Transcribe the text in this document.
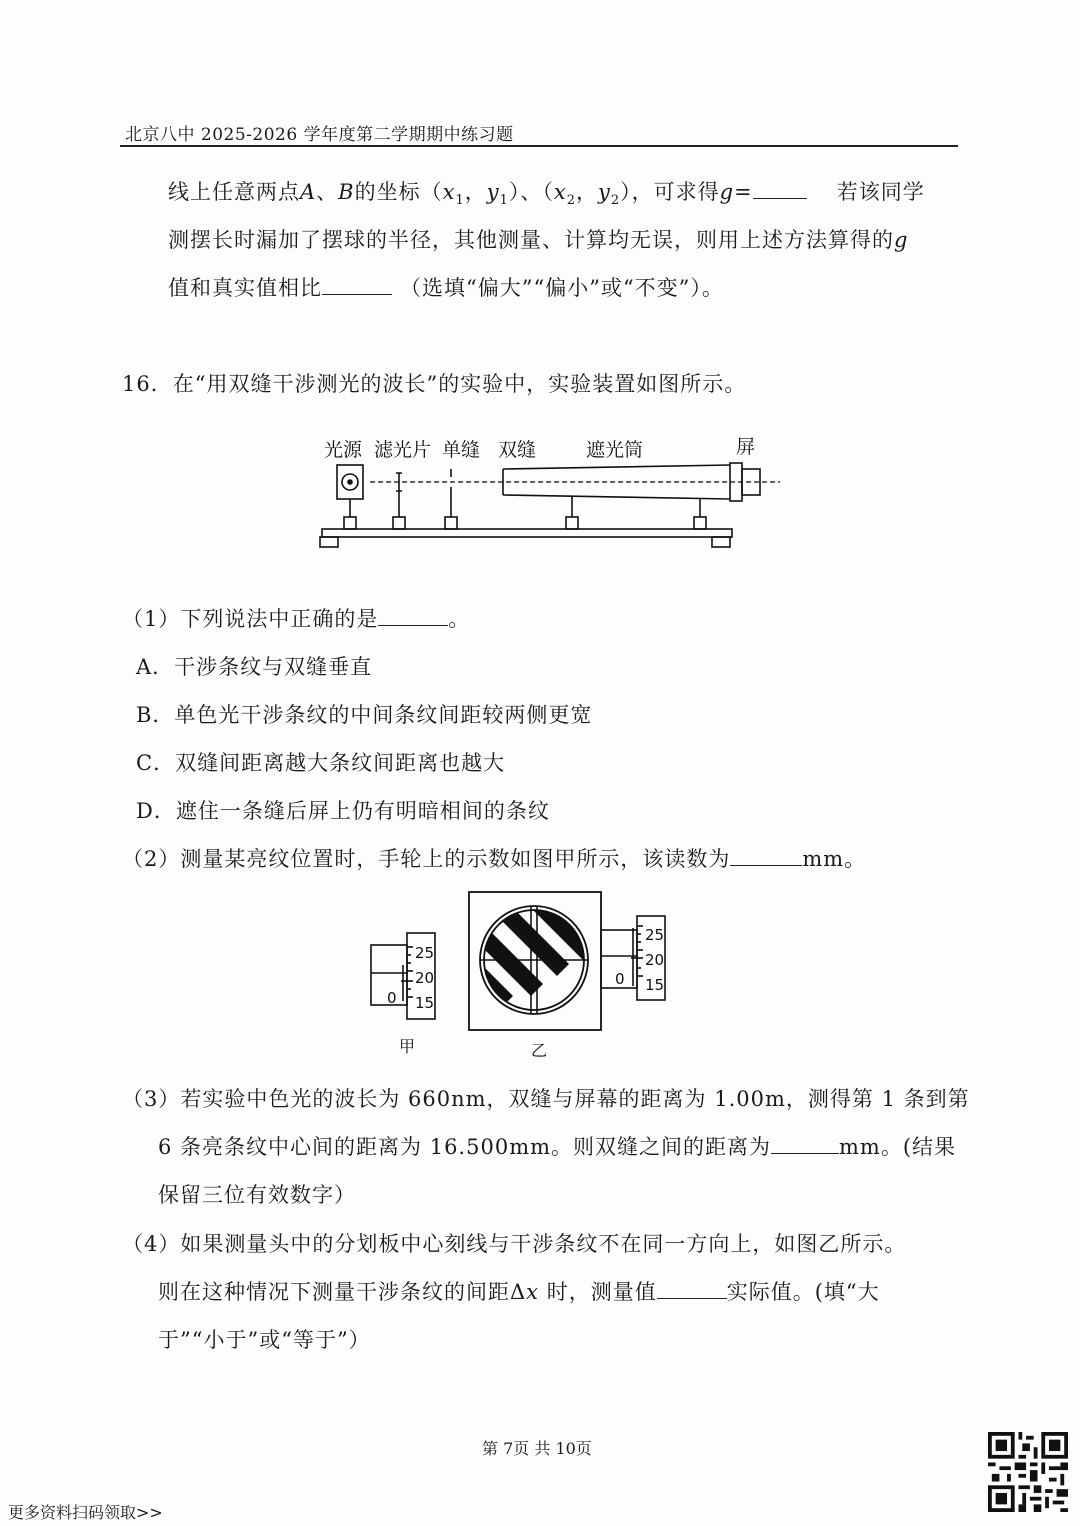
北京八中 2025-2026 学年度第二学期期中练习题
线上任意两点A、B的坐标（$x_1$，$y_1$）、（$x_2$，$y_2$），可求得g=	若该同学
测摆长时漏加了摆球的半径，其他测量、计算均无误，则用上述方法算得的g
值和真实值相比	（选填“偏大”“偏小”或“不变”）。
16．在“用双缝干涉测光的波长”的实验中，实验装置如图所示。
光源 滤光片 单缝 双缝	遮光筒	屏
（1）下列说法中正确的是	。
A．干涉条纹与双缝垂直
B．单色光干涉条纹的中间条纹间距较两侧更宽
C．双缝间距离越大条纹间距离也越大
D．遮住一条缝后屏上仍有明暗相间的条纹
（2）测量某亮纹位置时，手轮上的示数如图甲所示，该读数为	mm。
25
20
15
0
甲
25
20
15
0
乙
（3）若实验中色光的波长为 660nm，双缝与屏幕的距离为 1.00m，测得第 1 条到第
6 条亮条纹中心间的距离为 16.500mm。则双缝之间的距离为	mm。(结果
保留三位有效数字）
（4）如果测量头中的分划板中心刻线与干涉条纹不在同一方向上，如图乙所示。
则在这种情况下测量干涉条纹的间距Δx 时，测量值	实际值。(填“大
于”“小于”或“等于”）
第 7页 共 10页
更多资料扫码领取>>
